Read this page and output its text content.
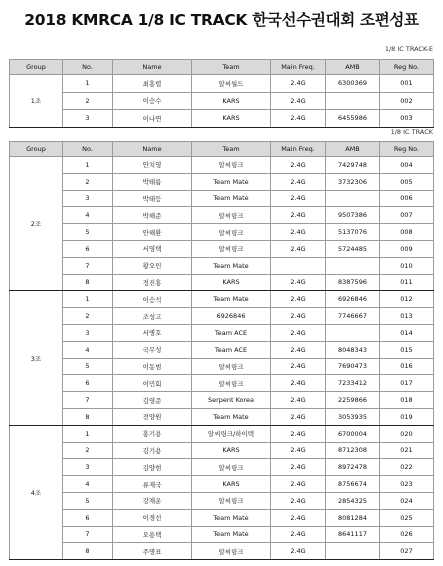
2018 KMRCA 1/8 IC TRACK 한국선수권대회 조편성표
1/8 IC TRACK-E
Group	No.	Name	Team	Main Freq.	AMB	Reg No.
1조	1	최홍렬	알씨월드	2.4G	6300369	001
	2	이승수	KARS	2.4G		002
	3	이나연	KARS	2.4G	6455986	003
1/8 IC TRACK
Group	No.	Name	Team	Main Freq.	AMB	Reg No.
2조	1	안치영	알씨링크	2.4G	7429748	004
	2	박태름	Team Mate	2.4G	3732306	005
	3	박태등	Team Mate	2.4G		006
	4	박해준	알씨링크	2.4G	9507386	007
	5	안해환	알씨링크	2.4G	5137076	008
	6	서영택	알씨링크	2.4G	5724485	009
	7	황오민	Team Mate			010
	8	정진홍	KARS	2.4G	8387596	011
3조	1	이승석	Team Mate	2.4G	6926846	012
	2	조성고	6926846	2.4G	7746667	013
	3	서병호	Team ACE	2.4G		014
	4	국무성	Team ACE	2.4G	8048343	015
	5	이동범	알씨링크	2.4G	7690473	016
	6	이민회	알씨링크	2.4G	7233412	017
	7	김영준	Serpent Korea	2.4G	2259866	018
	8	전양원	Team Mate	2.4G	3053935	019
4조	1	홍기용	알씨링크/하이텍	2.4G	6700004	020
	2	김기용	KARS	2.4G	8712308	021
	3	김양현	알씨링크	2.4G	8972478	022
	4	류제국	KARS	2.4G	8756674	023
	5	강재운	알씨링크	2.4G	2854325	024
	6	이경선	Team Mate	2.4G	8081284	025
	7	오용택	Team Mate	2.4G	8641117	026
	8	주명표	알씨링크	2.4G		027
